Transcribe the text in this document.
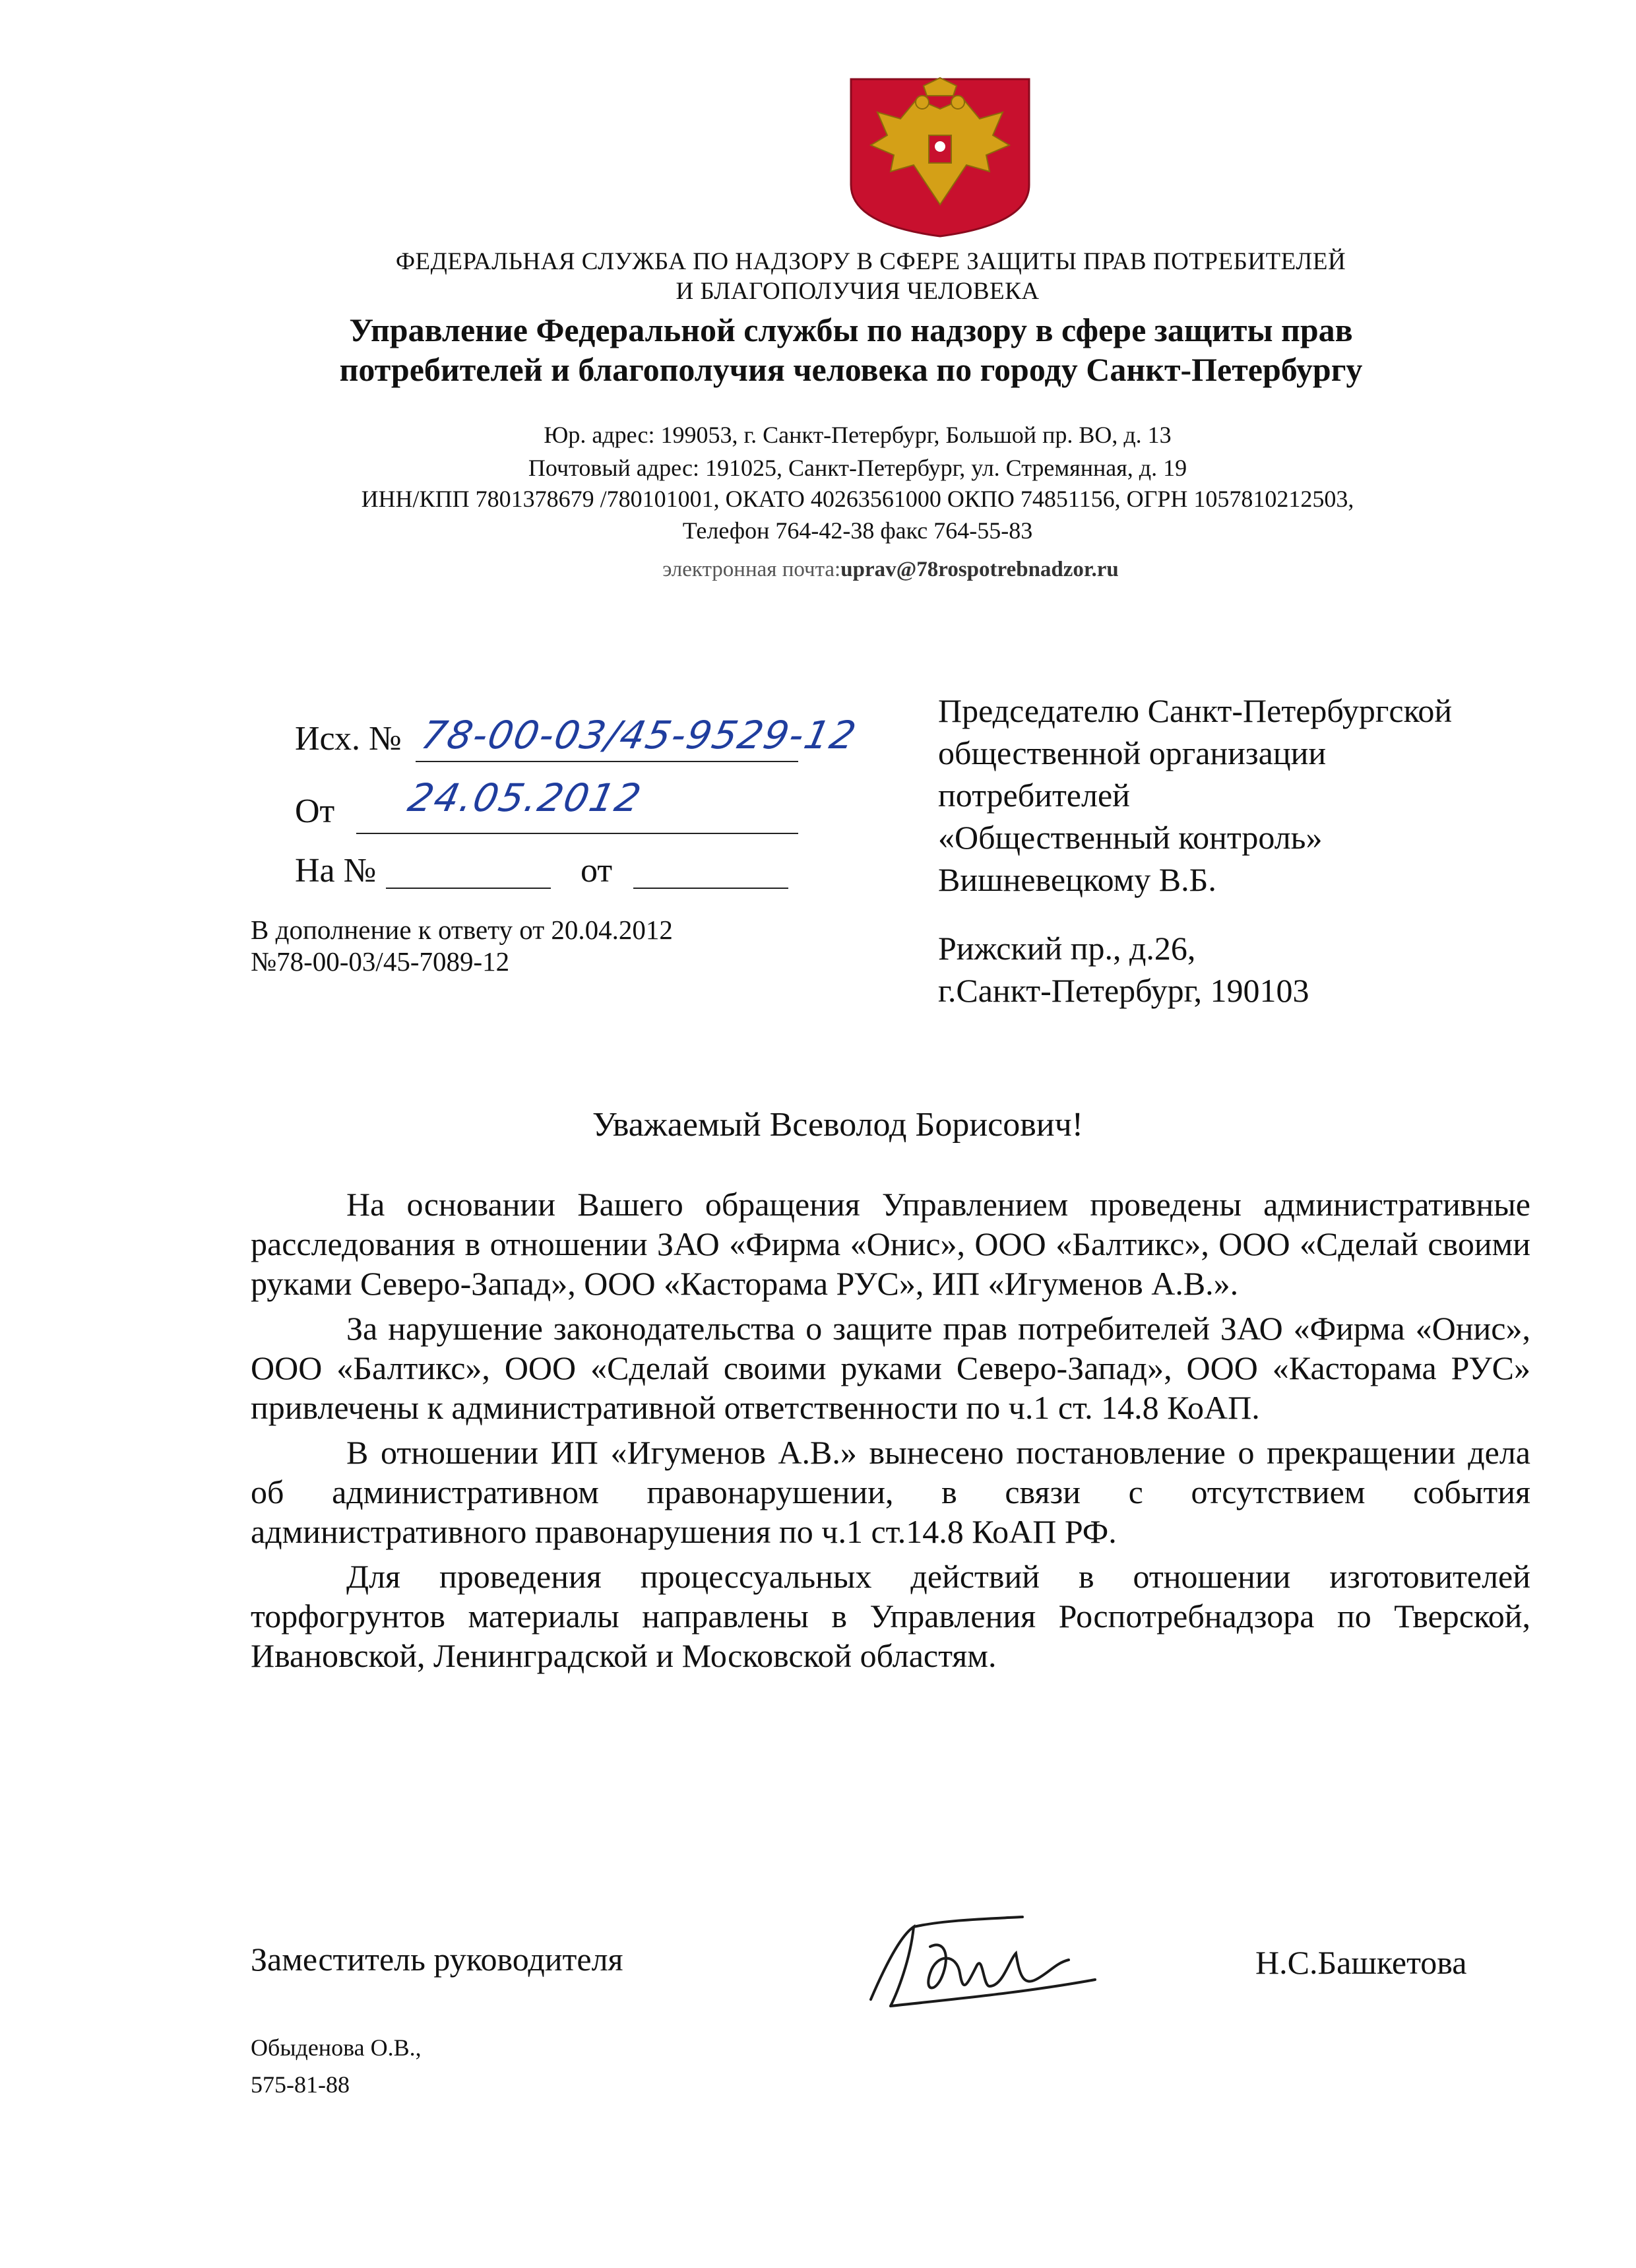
ФЕДЕРАЛЬНАЯ СЛУЖБА ПО НАДЗОРУ В СФЕРЕ ЗАЩИТЫ ПРАВ ПОТРЕБИТЕЛЕЙ
И БЛАГОПОЛУЧИЯ ЧЕЛОВЕКА
Управление Федеральной службы по надзору в сфере защиты прав
потребителей и благополучия человека по городу Санкт-Петербургу
Юр. адрес: 199053, г. Санкт-Петербург, Большой пр. ВО, д. 13
Почтовый адрес: 191025, Санкт-Петербург, ул. Стремянная, д. 19
ИНН/КПП 7801378679 /780101001, ОКАТО 40263561000 ОКПО 74851156, ОГРН 1057810212503,
Телефон 764-42-38 факс 764-55-83
электронная почта:uprav@78rospotrebnadzor.ru
Исх. № 78-00-03/45-9529-12
От 24.05.2012
На №	от
В дополнение к ответу от 20.04.2012
№78-00-03/45-7089-12
Председателю Санкт-Петербургской
общественной организации
потребителей
«Общественный контроль»
Вишневецкому В.Б.
Рижский пр., д.26,
г.Санкт-Петербург, 190103
Уважаемый Всеволод Борисович!

На основании Вашего обращения Управлением проведены административные расследования в отношении ЗАО «Фирма «Онис», ООО «Балтикс», ООО «Сделай своими руками Северо-Запад», ООО «Касторама РУС», ИП «Игуменов А.В.».

За нарушение законодательства о защите прав потребителей ЗАО «Фирма «Онис», ООО «Балтикс», ООО «Сделай своими руками Северо-Запад», ООО «Касторама РУС» привлечены к административной ответственности по ч.1 ст. 14.8 КоАП.

В отношении ИП «Игуменов А.В.» вынесено постановление о прекращении дела об административном правонарушении, в связи с отсутствием события административного правонарушения по ч.1 ст.14.8 КоАП РФ.

Для проведения процессуальных действий в отношении изготовителей торфогрунтов материалы направлены в Управления Роспотребнадзора по Тверской, Ивановской, Ленинградской и Московской областям.

Заместитель руководителя	Н.С.Башкетова
Обыденова О.В.,
575-81-88
